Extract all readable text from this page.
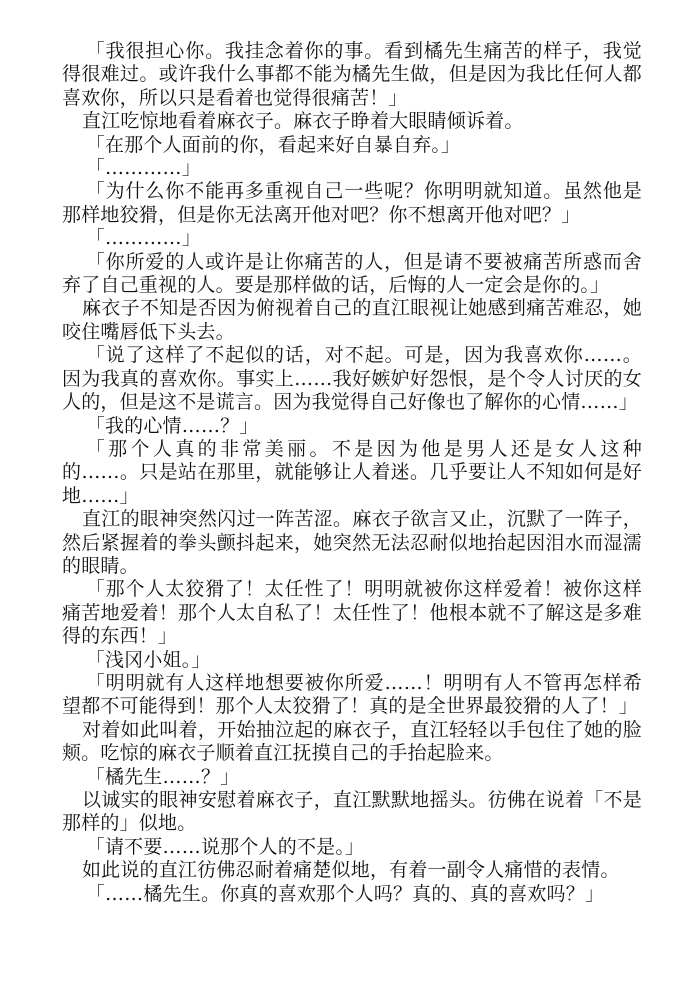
「我很担心你。我挂念着你的事。看到橘先生痛苦的样子，我觉得很难过。或许我什么事都不能为橘先生做，但是因为我比任何人都喜欢你，所以只是看着也觉得很痛苦！」

直江吃惊地看着麻衣子。麻衣子睁着大眼睛倾诉着。

「在那个人面前的你，看起来好自暴自弃。」

「…………」

「为什么你不能再多重视自己一些呢？你明明就知道。虽然他是那样地狡猾，但是你无法离开他对吧？你不想离开他对吧？」

「…………」

「你所爱的人或许是让你痛苦的人，但是请不要被痛苦所惑而舍弃了自己重视的人。要是那样做的话，后悔的人一定会是你的。」

麻衣子不知是否因为俯视着自己的直江眼视让她感到痛苦难忍，她咬住嘴唇低下头去。

「说了这样了不起似的话，对不起。可是，因为我喜欢你……。因为我真的喜欢你。事实上……我好嫉妒好怨恨，是个令人讨厌的女人的，但是这不是谎言。因为我觉得自己好像也了解你的心情……」

「我的心情……？」

「那个人真的非常美丽。不是因为他是男人还是女人这种的……。只是站在那里，就能够让人着迷。几乎要让人不知如何是好地……」

直江的眼神突然闪过一阵苦涩。麻衣子欲言又止，沉默了一阵子，然后紧握着的拳头颤抖起来，她突然无法忍耐似地抬起因泪水而湿濡的眼睛。

「那个人太狡猾了！太任性了！明明就被你这样爱着！被你这样痛苦地爱着！那个人太自私了！太任性了！他根本就不了解这是多难得的东西！」

「浅冈小姐。」

「明明就有人这样地想要被你所爱……！明明有人不管再怎样希望都不可能得到！那个人太狡猾了！真的是全世界最狡猾的人了！」

对着如此叫着，开始抽泣起的麻衣子，直江轻轻以手包住了她的脸颊。吃惊的麻衣子顺着直江抚摸自己的手抬起脸来。

「橘先生……？」

以诚实的眼神安慰着麻衣子，直江默默地摇头。彷佛在说着「不是那样的」似地。

「请不要……说那个人的不是。」

如此说的直江彷佛忍耐着痛楚似地，有着一副令人痛惜的表情。

「……橘先生。你真的喜欢那个人吗？真的、真的喜欢吗？」
